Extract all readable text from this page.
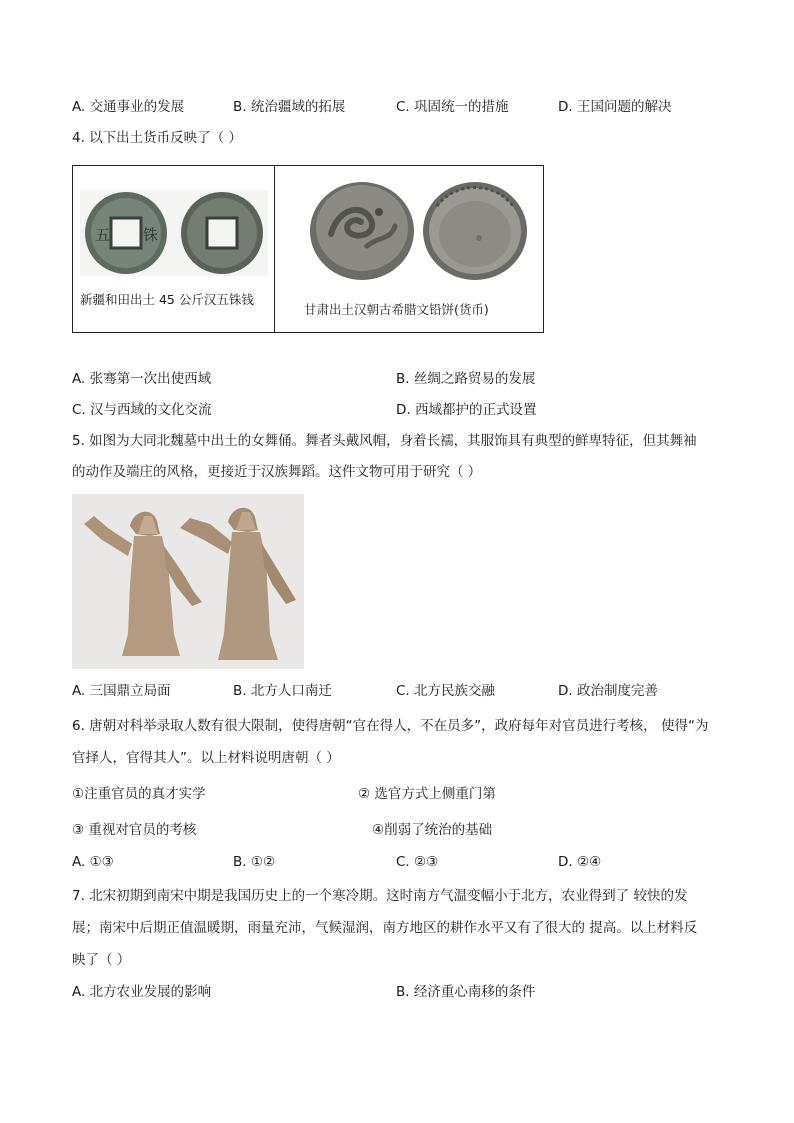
A. 交通事业的发展	B. 统治疆域的拓展	C. 巩固统一的措施	D. 王国问题的解决
4. 以下出土货币反映了（ ）
五 铢
新疆和田出土 45 公斤汉五铢钱
甘肃出土汉朝古希腊文铅饼(货币)
A. 张骞第一次出使西域	B. 丝绸之路贸易的发展
C. 汉与西域的文化交流	D. 西域都护的正式设置
5. 如图为大同北魏墓中出土的女舞俑。舞者头戴风帽，身着长襦，其服饰具有典型的鲜卑特征，但其舞袖
的动作及端庄的风格，更接近于汉族舞蹈。这件文物可用于研究（ ）
A. 三国鼎立局面	B. 北方人口南迁	C. 北方民族交融	D. 政治制度完善
6. 唐朝对科举录取人数有很大限制，使得唐朝“官在得人，不在员多”，政府每年对官员进行考核， 使得“为
官择人，官得其人”。以上材料说明唐朝（ ）
①注重官员的真才实学	② 选官方式上侧重门第
③ 重视对官员的考核	④削弱了统治的基础
A. ①③	B. ①②	C. ②③	D. ②④
7. 北宋初期到南宋中期是我国历史上的一个寒冷期。这时南方气温变幅小于北方，农业得到了 较快的发
展；南宋中后期正值温暖期，雨量充沛，气候湿润，南方地区的耕作水平又有了很大的 提高。以上材料反
映了（ ）
A. 北方农业发展的影响	B. 经济重心南移的条件
